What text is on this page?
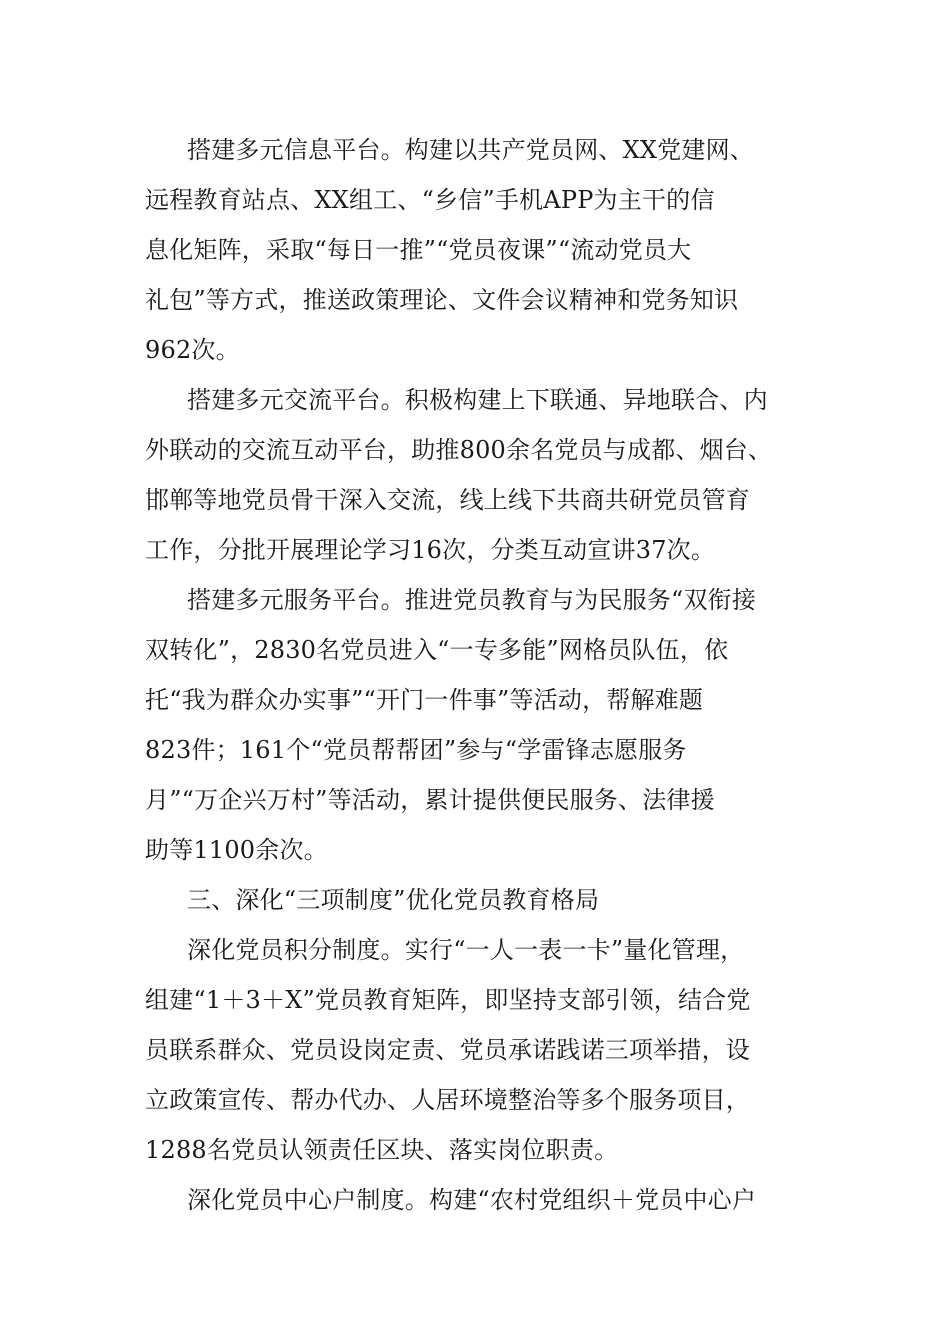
搭建多元信息平台。构建以共产党员网、XX党建网、
远程教育站点、XX组工、“乡信”手机APP为主干的信
息化矩阵，采取“每日一推”“党员夜课”“流动党员大
礼包”等方式，推送政策理论、文件会议精神和党务知识
962次。
搭建多元交流平台。积极构建上下联通、异地联合、内
外联动的交流互动平台，助推800余名党员与成都、烟台、
邯郸等地党员骨干深入交流，线上线下共商共研党员管育
工作，分批开展理论学习16次，分类互动宣讲37次。
搭建多元服务平台。推进党员教育与为民服务“双衔接
双转化”，2830名党员进入“一专多能”网格员队伍，依
托“我为群众办实事”“开门一件事”等活动，帮解难题
823件；161个“党员帮帮团”参与“学雷锋志愿服务
月”“万企兴万村”等活动，累计提供便民服务、法律援
助等1100余次。
三、深化“三项制度”优化党员教育格局
深化党员积分制度。实行“一人一表一卡”量化管理，
组建“1＋3＋X”党员教育矩阵，即坚持支部引领，结合党
员联系群众、党员设岗定责、党员承诺践诺三项举措，设
立政策宣传、帮办代办、人居环境整治等多个服务项目，
1288名党员认领责任区块、落实岗位职责。
深化党员中心户制度。构建“农村党组织＋党员中心户
